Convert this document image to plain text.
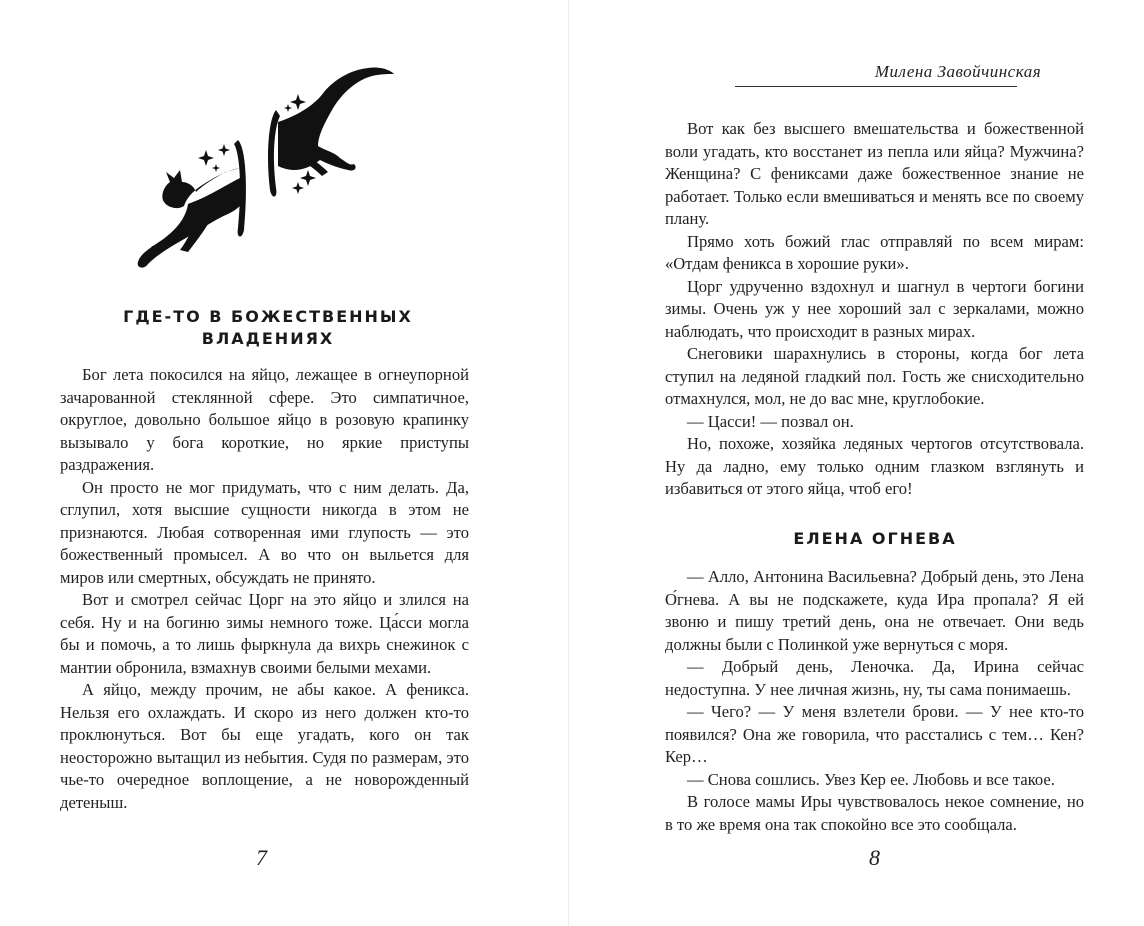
ГДЕ-ТО В БОЖЕСТВЕННЫХ
ВЛАДЕНИЯХ

Бог лета покосился на яйцо, лежащее в огнеупорной зачарованной стеклянной сфере. Это симпатичное, округлое, довольно большое яйцо в розовую крапинку вызывало у бога короткие, но яркие приступы раздражения.

Он просто не мог придумать, что с ним делать. Да, сглупил, хотя высшие сущности никогда в этом не признаются. Любая сотворенная ими глупость — это божественный промысел. А во что он выльется для миров или смертных, обсуждать не принято.

Вот и смотрел сейчас Цорг на это яйцо и злился на себя. Ну и на богиню зимы немного тоже. Ца́сси могла бы и помочь, а то лишь фыркнула да вихрь снежинок с мантии обронила, взмахнув своими белыми мехами.

А яйцо, между прочим, не абы какое. А феникса. Нельзя его охлаждать. И скоро из него должен кто-то проклюнуться. Вот бы еще угадать, кого он так неосторожно вытащил из небытия. Судя по размерам, это чье-то очередное воплощение, а не новорожденный детеныш.

7
Милена Завойчинская

Вот как без высшего вмешательства и божественной воли угадать, кто восстанет из пепла или яйца? Мужчина? Женщина? С фениксами даже божественное знание не работает. Только если вмешиваться и менять все по своему плану.

Прямо хоть божий глас отправляй по всем мирам: «Отдам феникса в хорошие руки».

Цорг удрученно вздохнул и шагнул в чертоги богини зимы. Очень уж у нее хороший зал с зеркалами, можно наблюдать, что происходит в разных мирах.

Снеговики шарахнулись в стороны, когда бог лета ступил на ледяной гладкий пол. Гость же снисходительно отмахнулся, мол, не до вас мне, круглобокие.

— Цасси! — позвал он.

Но, похоже, хозяйка ледяных чертогов отсутствовала. Ну да ладно, ему только одним глазком взглянуть и избавиться от этого яйца, чтоб его!

ЕЛЕНА ОГНЕВА

— Алло, Антонина Васильевна? Добрый день, это Лена О́гнева. А вы не подскажете, куда Ира пропала? Я ей звоню и пишу третий день, она не отвечает. Они ведь должны были с Полинкой уже вернуться с моря.

— Добрый день, Леночка. Да, Ирина сейчас недоступна. У нее личная жизнь, ну, ты сама понимаешь.

— Чего? — У меня взлетели брови. — У нее кто-то появился? Она же говорила, что расстались с тем… Кен? Кер…

— Снова сошлись. Увез Кер ее. Любовь и все такое.

В голосе мамы Иры чувствовалось некое сомнение, но в то же время она так спокойно все это сообщала.

8
